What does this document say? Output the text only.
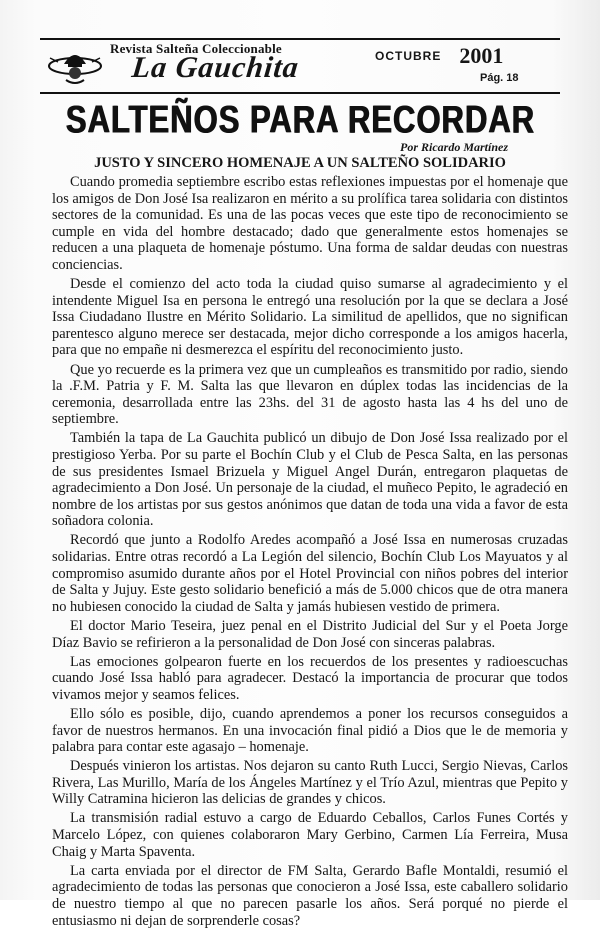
Revista Salteña Coleccionable
La Gauchita	OCTUBRE 2001
Pág. 18
SALTEÑOS PARA RECORDAR
Por Ricardo Martínez
JUSTO Y SINCERO HOMENAJE A UN SALTEÑO SOLIDARIO

Cuando promedia septiembre escribo estas reflexiones impuestas por el homenaje que los amigos de Don José Isa realizaron en mérito a su prolífica tarea solidaria con distintos sectores de la comunidad. Es una de las pocas veces que este tipo de reconocimiento se cumple en vida del hombre destacado; dado que generalmente estos homenajes se reducen a una plaqueta de homenaje póstumo. Una forma de saldar deudas con nuestras conciencias.

Desde el comienzo del acto toda la ciudad quiso sumarse al agradecimiento y el intendente Miguel Isa en persona le entregó una resolución por la que se declara a José Issa Ciudadano Ilustre en Mérito Solidario. La similitud de apellidos, que no significan parentesco alguno merece ser destacada, mejor dicho corresponde a los amigos hacerla, para que no empañe ni desmerezca el espíritu del reconocimiento justo.

Que yo recuerde es la primera vez que un cumpleaños es transmitido por radio, siendo la .F.M. Patria y F. M. Salta las que llevaron en dúplex todas las incidencias de la ceremonia, desarrollada entre las 23hs. del 31 de agosto hasta las 4 hs del uno de septiembre.

También la tapa de La Gauchita publicó un dibujo de Don José Issa realizado por el prestigioso Yerba. Por su parte el Bochín Club y el Club de Pesca Salta, en las personas de sus presidentes Ismael Brizuela y Miguel Angel Durán, entregaron plaquetas de agradecimiento a Don José. Un personaje de la ciudad, el muñeco Pepito, le agradeció en nombre de los artistas por sus gestos anónimos que datan de toda una vida a favor de esta soñadora colonia.

Recordó que junto a Rodolfo Aredes acompañó a José Issa en numerosas cruzadas solidarias. Entre otras recordó a La Legión del silencio, Bochín Club Los Mayuatos y al compromiso asumido durante años por el Hotel Provincial con niños pobres del interior de Salta y Jujuy. Este gesto solidario benefició a más de 5.000 chicos que de otra manera no hubiesen conocido la ciudad de Salta y jamás hubiesen vestido de primera.

El doctor Mario Teseira, juez penal en el Distrito Judicial del Sur y el Poeta Jorge Díaz Bavio se refirieron a la personalidad de Don José con sinceras palabras.

Las emociones golpearon fuerte en los recuerdos de los presentes y radioescuchas cuando José Issa habló para agradecer. Destacó la importancia de procurar que todos vivamos mejor y seamos felices.

Ello sólo es posible, dijo, cuando aprendemos a poner los recursos conseguidos a favor de nuestros hermanos. En una invocación final pidió a Dios que le de memoria y palabra para contar este agasajo – homenaje.

Después vinieron los artistas. Nos dejaron su canto Ruth Lucci, Sergio Nievas, Carlos Rivera, Las Murillo, María de los Ángeles Martínez y el Trío Azul, mientras que Pepito y Willy Catramina hicieron las delicias de grandes y chicos.

La transmisión radial estuvo a cargo de Eduardo Ceballos, Carlos Funes Cortés y Marcelo López, con quienes colaboraron Mary Gerbino, Carmen Lía Ferreira, Musa Chaig y Marta Spaventa.

La carta enviada por el director de FM Salta, Gerardo Bafle Montaldi, resumió el agradecimiento de todas las personas que conocieron a José Issa, este caballero solidario de nuestro tiempo al que no parecen pasarle los años. Será porqué no pierde el entusiasmo ni dejan de sorprenderle cosas?
